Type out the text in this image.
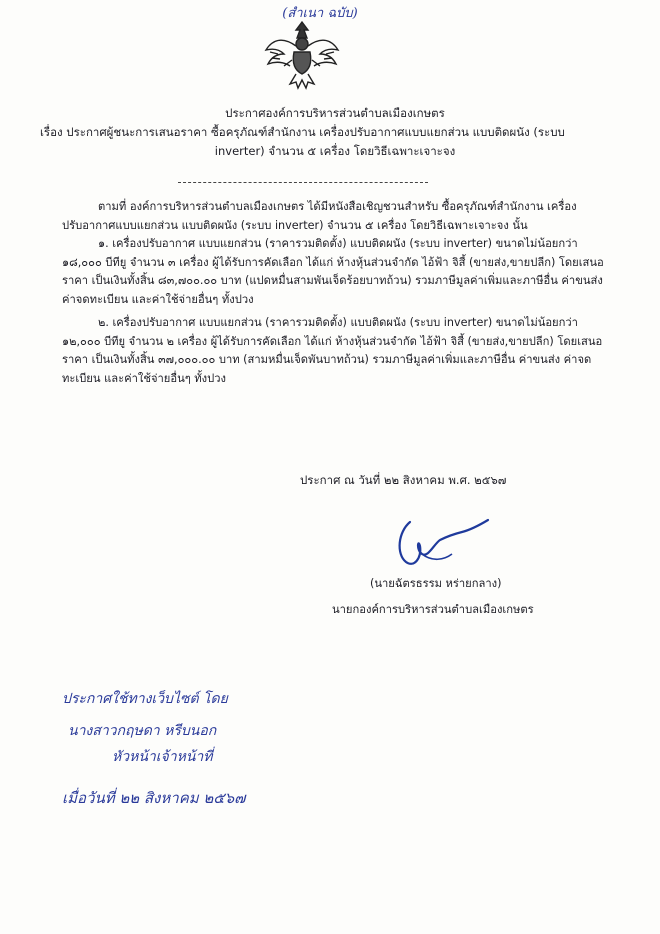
(สำเนา ฉบับ)
ประกาศองค์การบริหารส่วนตำบลเมืองเกษตร
เรื่อง ประกาศผู้ชนะการเสนอราคา ซื้อครุภัณฑ์สำนักงาน เครื่องปรับอากาศแบบแยกส่วน แบบติดผนัง (ระบบ
inverter) จำนวน ๕ เครื่อง โดยวิธีเฉพาะเจาะจง
ตามที่ องค์การบริหารส่วนตำบลเมืองเกษตร ได้มีหนังสือเชิญชวนสำหรับ ซื้อครุภัณฑ์สำนักงาน เครื่อง
ปรับอากาศแบบแยกส่วน แบบติดผนัง (ระบบ inverter) จำนวน ๕ เครื่อง โดยวิธีเฉพาะเจาะจง นั้น
๑. เครื่องปรับอากาศ แบบแยกส่วน (ราคารวมติดตั้ง) แบบติดผนัง (ระบบ inverter) ขนาดไม่น้อยกว่า
๑๘,๐๐๐ บีทียู จำนวน ๓ เครื่อง ผู้ได้รับการคัดเลือก ได้แก่ ห้างหุ้นส่วนจำกัด ไอ้ฟ้า จิสี้ (ขายส่ง,ขายปลีก) โดยเสนอ
ราคา เป็นเงินทั้งสิ้น ๘๓,๗๐๐.๐๐ บาท (แปดหมื่นสามพันเจ็ดร้อยบาทถ้วน) รวมภาษีมูลค่าเพิ่มและภาษีอื่น ค่าขนส่ง
ค่าจดทะเบียน และค่าใช้จ่ายอื่นๆ ทั้งปวง
๒. เครื่องปรับอากาศ แบบแยกส่วน (ราคารวมติดตั้ง) แบบติดผนัง (ระบบ inverter) ขนาดไม่น้อยกว่า
๑๒,๐๐๐ บีทียู จำนวน ๒ เครื่อง ผู้ได้รับการคัดเลือก ได้แก่ ห้างหุ้นส่วนจำกัด ไอ้ฟ้า จิสี้ (ขายส่ง,ขายปลีก) โดยเสนอ
ราคา เป็นเงินทั้งสิ้น ๓๗,๐๐๐.๐๐ บาท (สามหมื่นเจ็ดพันบาทถ้วน) รวมภาษีมูลค่าเพิ่มและภาษีอื่น ค่าขนส่ง ค่าจด
ทะเบียน และค่าใช้จ่ายอื่นๆ ทั้งปวง
ประกาศ ณ วันที่ ๒๒ สิงหาคม พ.ศ. ๒๕๖๗
(นายฉัตรธรรม หร่ายกลาง)
นายกองค์การบริหารส่วนตำบลเมืองเกษตร
ประกาศใช้ทางเว็บไซต์ โดย
นางสาวกฤษดา หรีบนอก
หัวหน้าเจ้าหน้าที่
เมื่อวันที่ ๒๒ สิงหาคม ๒๕๖๗
